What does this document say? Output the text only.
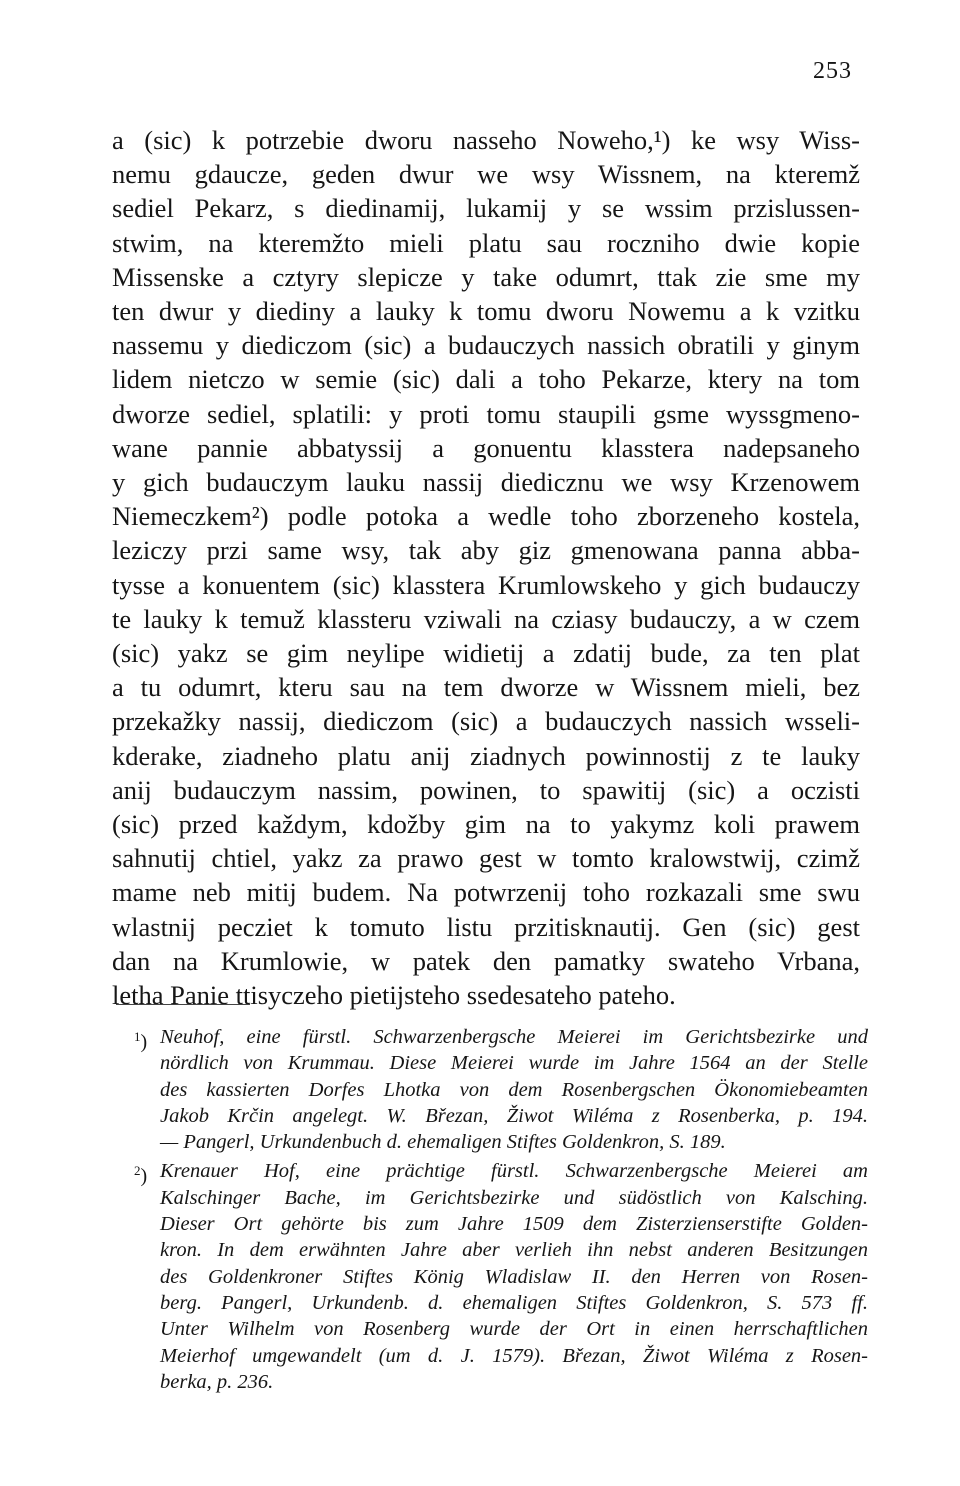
253
a (sic) k potrzebie dworu nasseho Noweho,¹) ke wsy Wiss-
nemu gdaucze, geden dwur we wsy Wissnem, na kteremž
sediel Pekarz, s diedinamij, lukamij y se wssim przislussen-
stwim, na kteremžto mieli platu sau roczniho dwie kopie
Missenske a cztyry slepicze y take odumrt, ttak zie sme my
ten dwur y diediny a lauky k tomu dworu Nowemu a k vzitku
nassemu y diediczom (sic) a budauczych nassich obratili y ginym
lidem nietczo w semie (sic) dali a toho Pekarze, ktery na tom
dworze sediel, splatili: y proti tomu staupili gsme wyssgmeno-
wane pannie abbatyssij a gonuentu klasstera nadepsaneho
y gich budauczym lauku nassij diedicznu we wsy Krzenowem
Niemeczkem²) podle potoka a wedle toho zborzeneho kostela,
leziczy przi same wsy, tak aby giz gmenowana panna abba-
tysse a konuentem (sic) klasstera Krumlowskeho y gich budauczy
te lauky k temuž klassteru vziwali na cziasy budauczy, a w czem
(sic) yakz se gim neylipe widietij a zdatij bude, za ten plat
a tu odumrt, kteru sau na tem dworze w Wissnem mieli, bez
przekažky nassij, diediczom (sic) a budauczych nassich wsseli-
kderake, ziadneho platu anij ziadnych powinnostij z te lauky
anij budauczym nassim, powinen, to spawitij (sic) a oczisti
(sic) przed každym, kdožby gim na to yakymz koli prawem
sahnutij chtiel, yakz za prawo gest w tomto kralowstwij, czimž
mame neb mitij budem. Na potwrzenij toho rozkazali sme swu
wlastnij pecziet k tomuto listu przitisknautij. Gen (sic) gest
dan na Krumlowie, w patek den pamatky swateho Vrbana,
letha Panie ttisyczeho pietijsteho ssedesateho pateho.
$^1$) Neuhof, eine fürstl. Schwarzenbergsche Meierei im Gerichtsbezirke und
nördlich von Krummau. Diese Meierei wurde im Jahre 1564 an der Stelle
des kassierten Dorfes Lhotka von dem Rosenbergschen Ökonomiebeamten
Jakob Krčin angelegt. W. Březan, Žiwot Wiléma z Rosenberka, p. 194.
— Pangerl, Urkundenbuch d. ehemaligen Stiftes Goldenkron, S. 189.
$^2$) Krenauer Hof, eine prächtige fürstl. Schwarzenbergsche Meierei am
Kalschinger Bache, im Gerichtsbezirke und südöstlich von Kalsching.
Dieser Ort gehörte bis zum Jahre 1509 dem Zisterzienserstifte Golden-
kron. In dem erwähnten Jahre aber verlieh ihn nebst anderen Besitzungen
des Goldenkroner Stiftes König Wladislaw II. den Herren von Rosen-
berg. Pangerl, Urkundenb. d. ehemaligen Stiftes Goldenkron, S. 573 ff.
Unter Wilhelm von Rosenberg wurde der Ort in einen herrschaftlichen
Meierhof umgewandelt (um d. J. 1579). Březan, Žiwot Wiléma z Rosen-
berka, p. 236.
